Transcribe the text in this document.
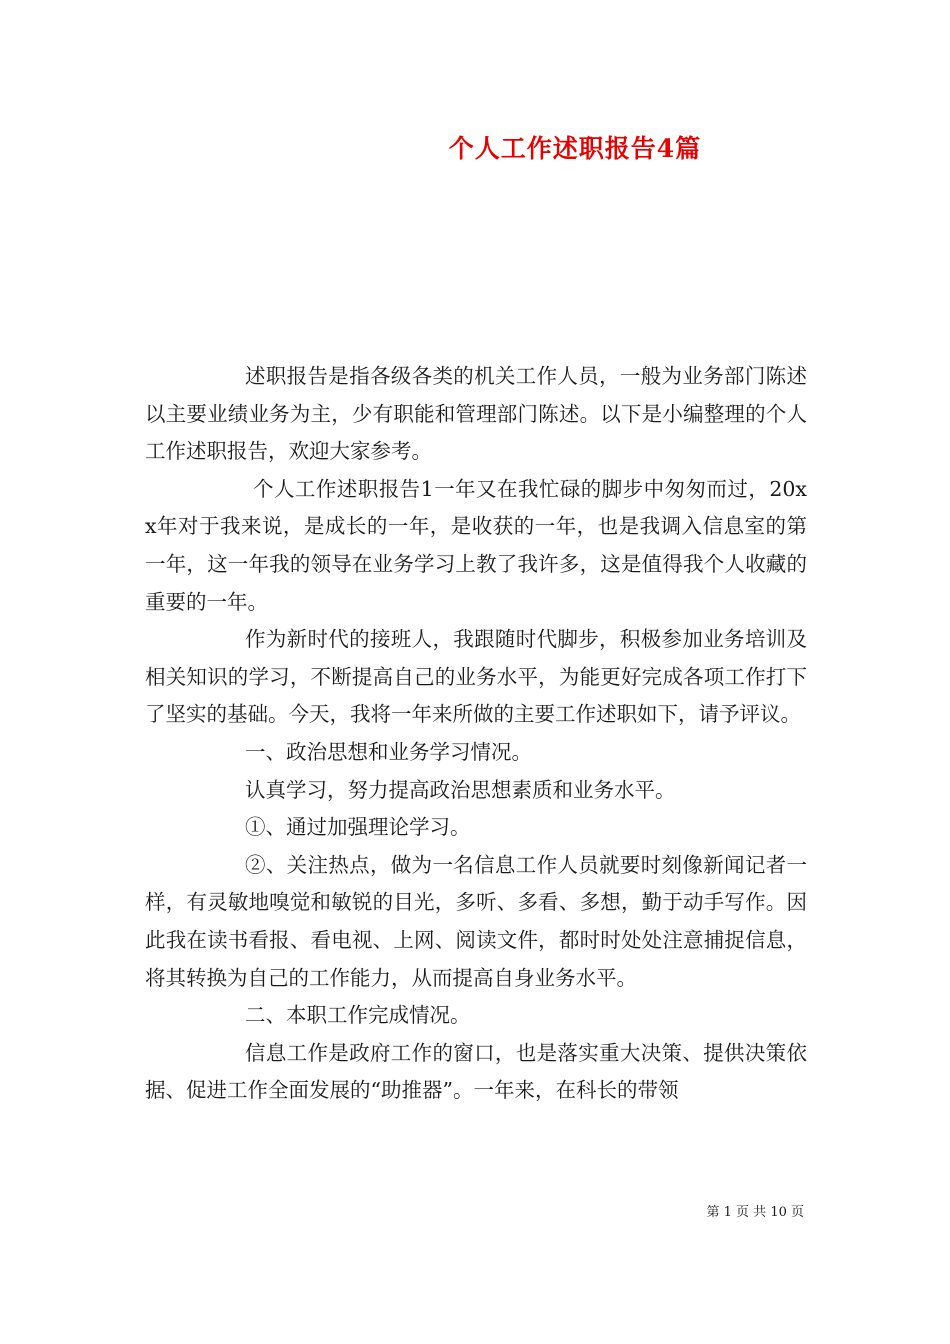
个人工作述职报告4篇

述职报告是指各级各类的机关工作人员，一般为业务部门陈述以主要业绩业务为主，少有职能和管理部门陈述。以下是小编整理的个人工作述职报告，欢迎大家参考。

个人工作述职报告1一年又在我忙碌的脚步中匆匆而过，20xx年对于我来说，是成长的一年，是收获的一年，也是我调入信息室的第一年，这一年我的领导在业务学习上教了我许多，这是值得我个人收藏的重要的一年。

作为新时代的接班人，我跟随时代脚步，积极参加业务培训及相关知识的学习，不断提高自己的业务水平，为能更好完成各项工作打下了坚实的基础。今天，我将一年来所做的主要工作述职如下，请予评议。

一、政治思想和业务学习情况。

认真学习，努力提高政治思想素质和业务水平。

①、通过加强理论学习。

②、关注热点，做为一名信息工作人员就要时刻像新闻记者一样，有灵敏地嗅觉和敏锐的目光，多听、多看、多想，勤于动手写作。因此我在读书看报、看电视、上网、阅读文件，都时时处处注意捕捉信息，将其转换为自己的工作能力，从而提高自身业务水平。

二、本职工作完成情况。

信息工作是政府工作的窗口，也是落实重大决策、提供决策依据、促进工作全面发展的“助推器”。一年来，在科长的带领

第 1 页 共 10 页
